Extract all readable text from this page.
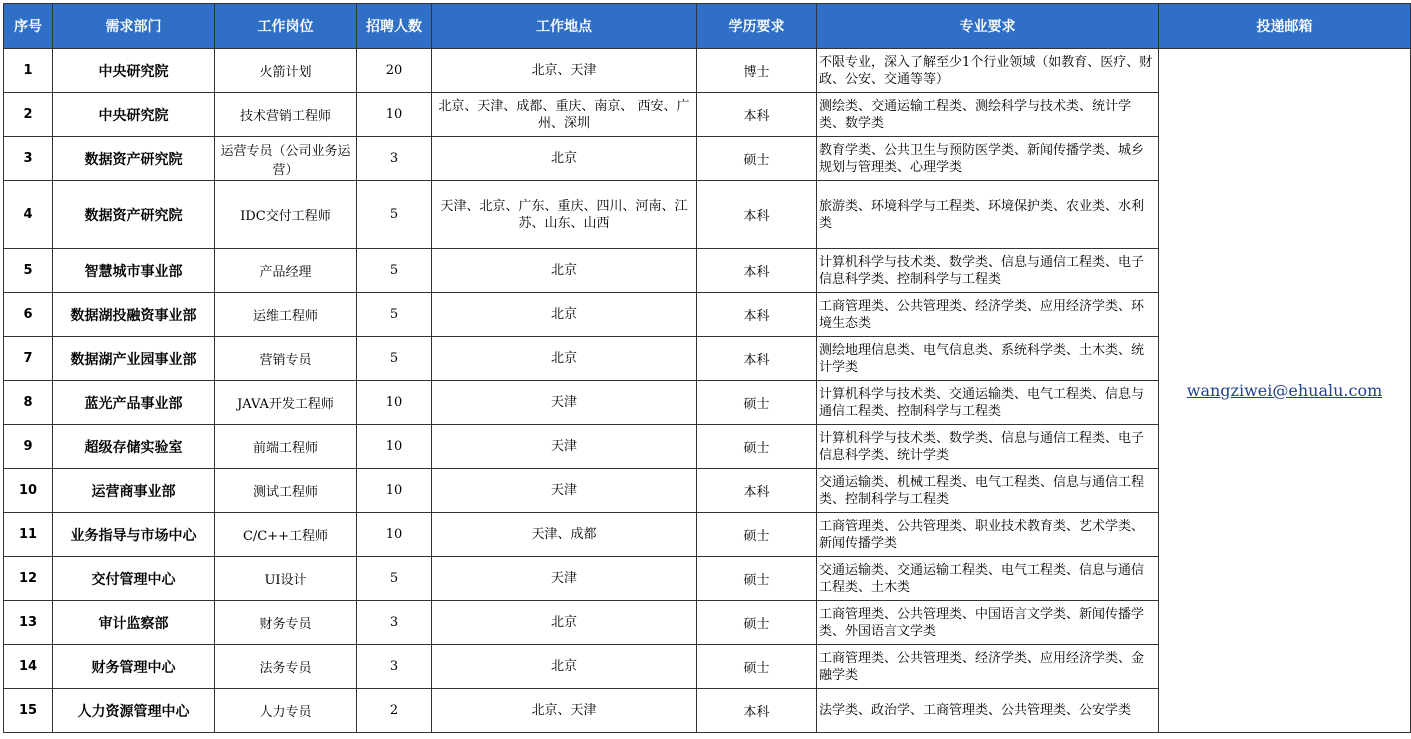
序号	需求部门	工作岗位	招聘人数	工作地点	学历要求	专业要求	投递邮箱
1	中央研究院	火箭计划	20	北京、天津	博士	不限专业，深入了解至少1个行业领域（如教育、医疗、财政、公安、交通等等）	wangziwei@ehualu.com
2	中央研究院	技术营销工程师	10	北京、天津、成都、重庆、南京、 西安、广州、深圳	本科	测绘类、交通运输工程类、测绘科学与技术类、统计学类、数学类	
3	数据资产研究院	运营专员（公司业务运营）	3	北京	硕士	教育学类、公共卫生与预防医学类、新闻传播学类、城乡规划与管理类、心理学类	
4	数据资产研究院	IDC交付工程师	5	天津、北京、广东、重庆、四川、河南、江苏、山东、山西	本科	旅游类、环境科学与工程类、环境保护类、农业类、水利类	
5	智慧城市事业部	产品经理	5	北京	本科	计算机科学与技术类、数学类、信息与通信工程类、电子信息科学类、控制科学与工程类	
6	数据湖投融资事业部	运维工程师	5	北京	本科	工商管理类、公共管理类、经济学类、应用经济学类、环境生态类	
7	数据湖产业园事业部	营销专员	5	北京	本科	测绘地理信息类、电气信息类、系统科学类、土木类、统计学类	
8	蓝光产品事业部	JAVA开发工程师	10	天津	硕士	计算机科学与技术类、交通运输类、电气工程类、信息与通信工程类、控制科学与工程类	
9	超级存储实验室	前端工程师	10	天津	硕士	计算机科学与技术类、数学类、信息与通信工程类、电子信息科学类、统计学类	
10	运营商事业部	测试工程师	10	天津	本科	交通运输类、机械工程类、电气工程类、信息与通信工程类、控制科学与工程类	
11	业务指导与市场中心	C/C++工程师	10	天津、成都	硕士	工商管理类、公共管理类、职业技术教育类、艺术学类、新闻传播学类	
12	交付管理中心	UI设计	5	天津	硕士	交通运输类、交通运输工程类、电气工程类、信息与通信工程类、土木类	
13	审计监察部	财务专员	3	北京	硕士	工商管理类、公共管理类、中国语言文学类、新闻传播学类、外国语言文学类	
14	财务管理中心	法务专员	3	北京	硕士	工商管理类、公共管理类、经济学类、应用经济学类、金融学类	
15	人力资源管理中心	人力专员	2	北京、天津	本科	法学类、政治学、工商管理类、公共管理类、公安学类	
